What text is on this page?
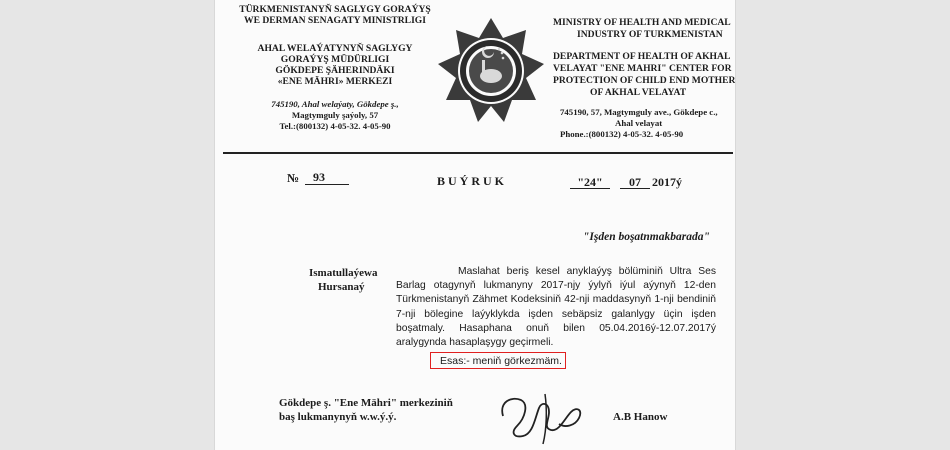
TÜRKMENISTANYŇ SAGLYGY GORAÝYŞ
WE DERMAN SENAGATY MINISTRLIGI
AHAL WELAÝATYNYŇ SAGLYGY
GORAÝYŞ MÜDÜRLIGI
GÖKDEPE ŞÄHERINDÄKI
«ENE MÄHRI» MERKEZI
745190, Ahal welaýaty, Gökdepe ş.,
Magtymguly şaýoly, 57
Tel.:(800132) 4-05-32. 4-05-90
MINISTRY OF HEALTH AND MEDICAL
INDUSTRY OF TURKMENISTAN
DEPARTMENT OF HEALTH OF AKHAL
VELAYAT "ENE MAHRI" CENTER FOR
PROTECTION OF CHILD END MOTHER
OF AKHAL VELAYAT
745190, 57, Magtymguly ave., Gökdepe c.,
Ahal velayat
Phone.:(800132) 4-05-32. 4-05-90
№	93	BUÝRUK	"24"	07 2017ý
"Işden boşatnmakbarada"
Ismatullaýewa
Hursanaý

Maslahat beriş kesel anyklaýyş bölüminiň Ultra Ses Barlag otagynyň lukmanyny 2017-njy ýylyň iýul aýynyň 12-den Türkmenistanyň Zähmet Kodeksiniň 42-nji maddasynyň 1-nji bendiniň 7-nji bölegine laýyklykda işden sebäpsiz galanlygy üçin işden boşatmaly. Hasaphana onuň bilen 05.04.2016ý-12.07.2017ý aralygynda hasaplaşygy geçirmeli.

Esas:- meniň görkezmäm.
Gökdepe ş. "Ene Mährі" merkeziniň
baş lukmanynyň w.w.ý.ý.	A.B Hanow
